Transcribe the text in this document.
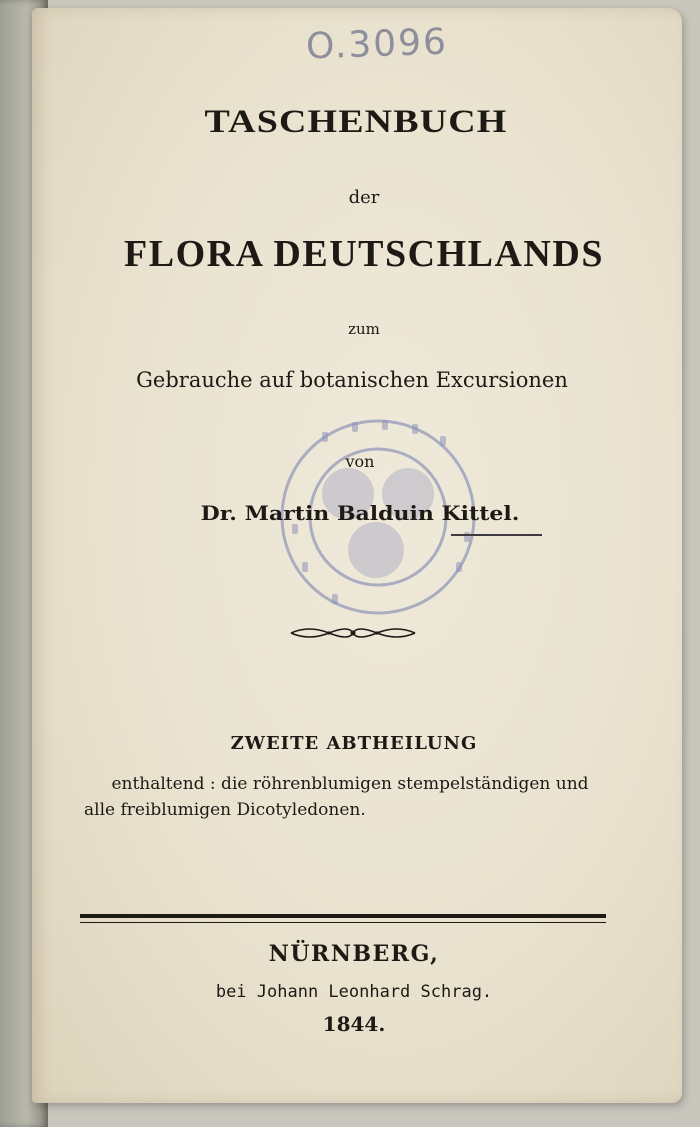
O.3096
TASCHENBUCH
der
FLORA DEUTSCHLANDS
zum
Gebrauche auf botanischen Excursionen
von
Dr. Martin Balduin Kittel.
ZWEITE ABTHEILUNG
enthaltend : die röhrenblumigen stempelständigen und
alle freiblumigen Dicotyledonen.
NÜRNBERG,
bei Johann Leonhard Schrag.
1844.
